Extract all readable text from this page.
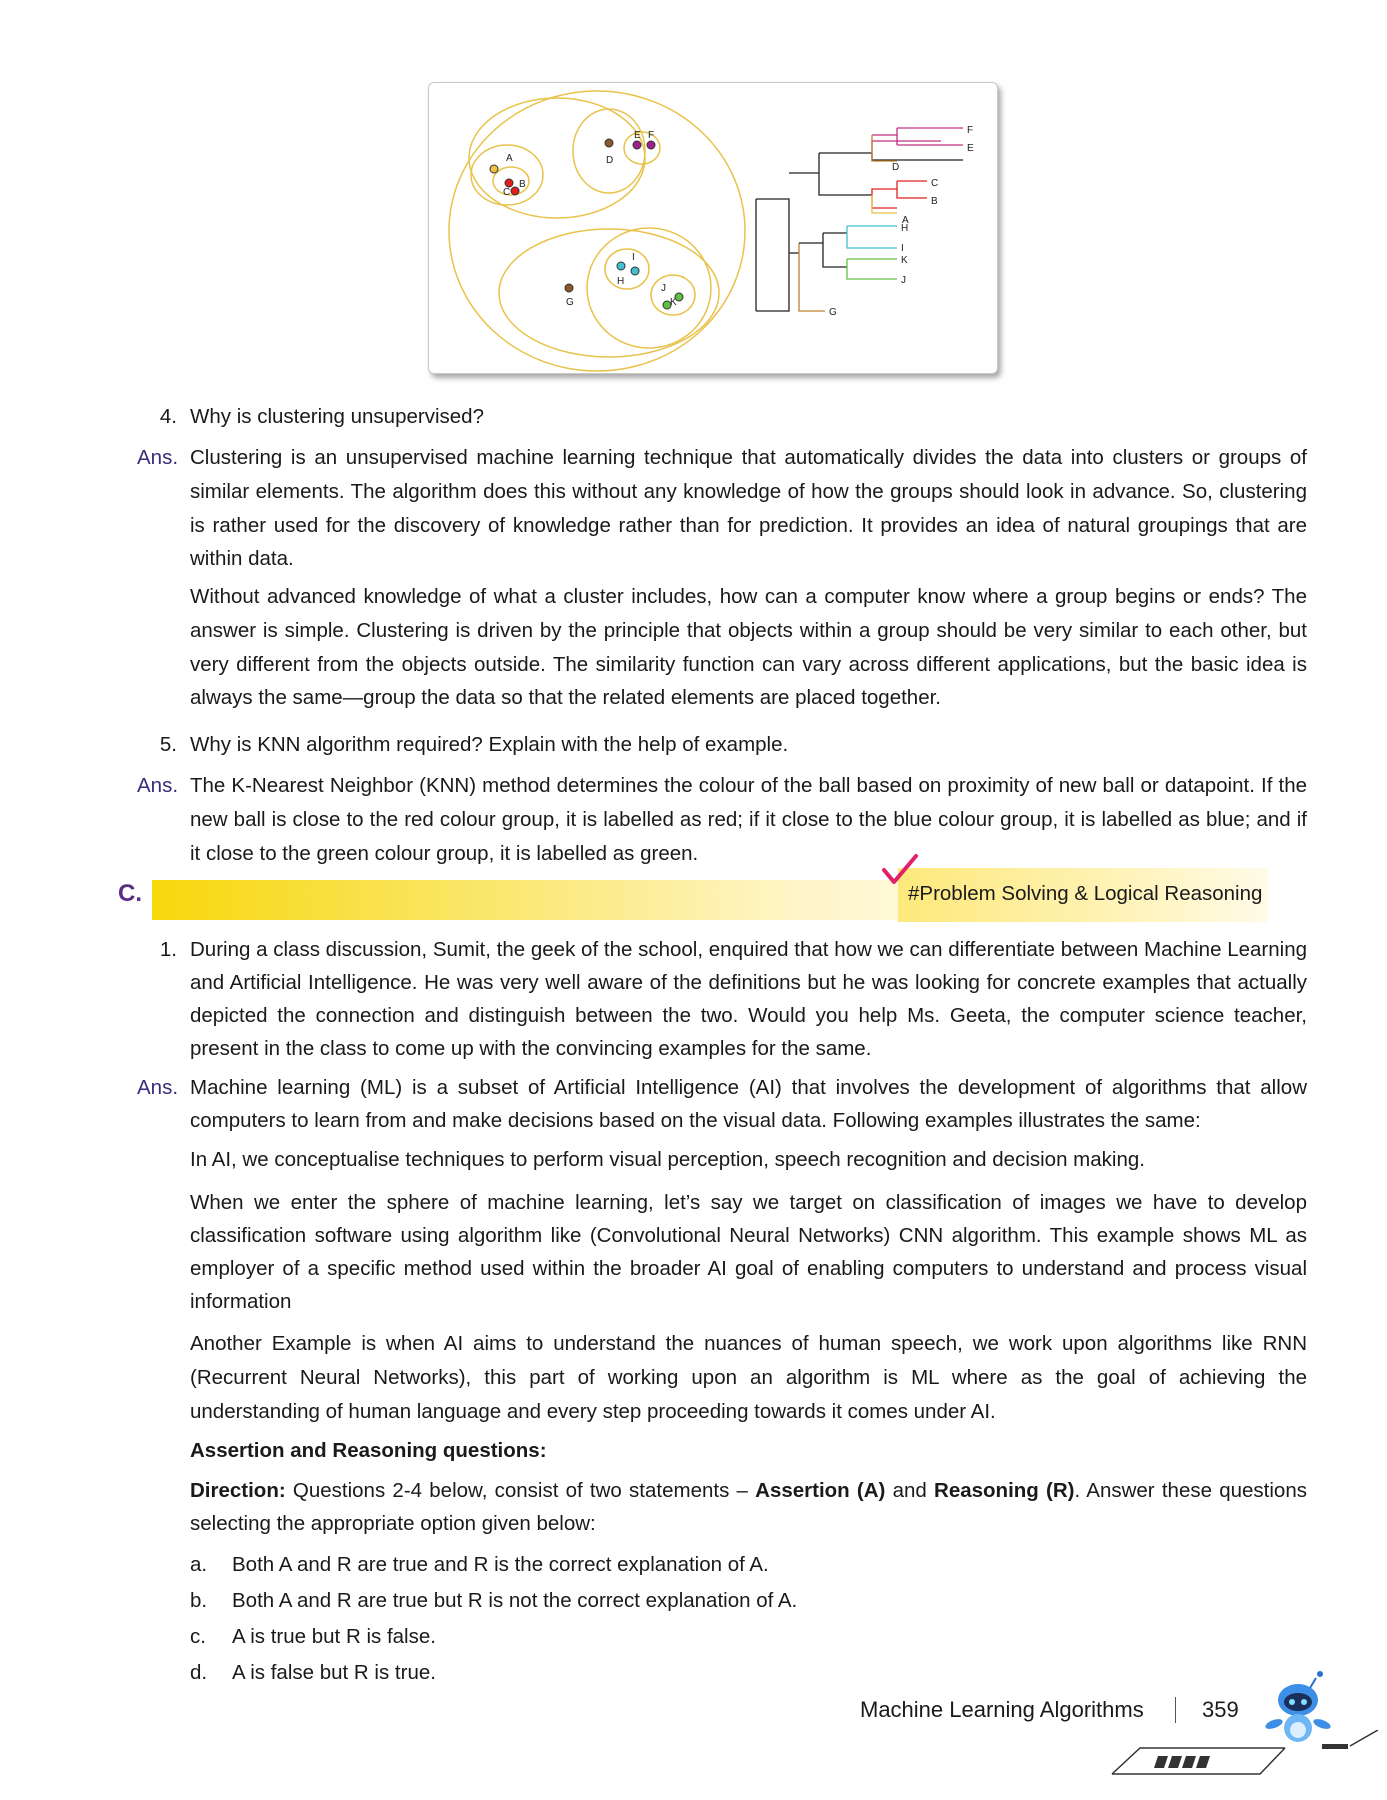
A
B
C
D
E F
G
H
I
J
K
F
E
D
C
B
A
H
I
K
J
G
4. Why is clustering unsupervised?
Ans. Clustering is an unsupervised machine learning technique that automatically divides the data into clusters or groups of similar elements. The algorithm does this without any knowledge of how the groups should look in advance. So, clustering is rather used for the discovery of knowledge rather than for prediction. It provides an idea of natural groupings that are within data.
Without advanced knowledge of what a cluster includes, how can a computer know where a group begins or ends? The answer is simple. Clustering is driven by the principle that objects within a group should be very similar to each other, but very different from the objects outside. The similarity function can vary across different applications, but the basic idea is always the same—group the data so that the related elements are placed together.
5. Why is KNN algorithm required? Explain with the help of example.
Ans. The K-Nearest Neighbor (KNN) method determines the colour of the ball based on proximity of new ball or datapoint. If the new ball is close to the red colour group, it is labelled as red; if it close to the blue colour group, it is labelled as blue; and if it close to the green colour group, it is labelled as green.
C.	#Problem Solving & Logical Reasoning
1. During a class discussion, Sumit, the geek of the school, enquired that how we can differentiate between Machine Learning and Artificial Intelligence. He was very well aware of the definitions but he was looking for concrete examples that actually depicted the connection and distinguish between the two. Would you help Ms. Geeta, the computer science teacher, present in the class to come up with the convincing examples for the same.
Ans. Machine learning (ML) is a subset of Artificial Intelligence (AI) that involves the development of algorithms that allow computers to learn from and make decisions based on the visual data. Following examples illustrates the same:
In AI, we conceptualise techniques to perform visual perception, speech recognition and decision making.
When we enter the sphere of machine learning, let’s say we target on classification of images we have to develop classification software using algorithm like (Convolutional Neural Networks) CNN algorithm. This example shows ML as employer of a specific method used within the broader AI goal of enabling computers to understand and process visual information
Another Example is when AI aims to understand the nuances of human speech, we work upon algorithms like RNN (Recurrent Neural Networks), this part of working upon an algorithm is ML where as the goal of achieving the understanding of human language and every step proceeding towards it comes under AI.
Assertion and Reasoning questions:
Direction: Questions 2-4 below, consist of two statements – Assertion (A) and Reasoning (R). Answer these questions selecting the appropriate option given below:
a. Both A and R are true and R is the correct explanation of A.
b. Both A and R are true but R is not the correct explanation of A.
c. A is true but R is false.
d. A is false but R is true.
Machine Learning Algorithms	359
